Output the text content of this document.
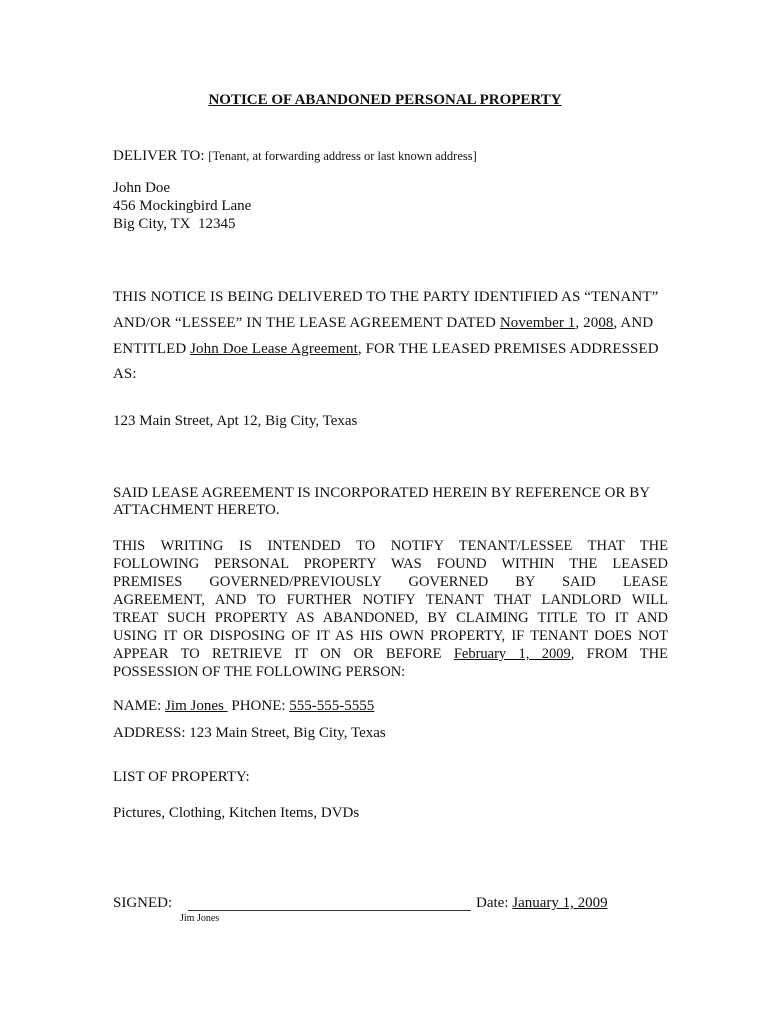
NOTICE OF ABANDONED PERSONAL PROPERTY
DELIVER TO: [Tenant, at forwarding address or last known address]
John Doe
456 Mockingbird Lane
Big City, TX  12345
THIS NOTICE IS BEING DELIVERED TO THE PARTY IDENTIFIED AS “TENANT”
AND/OR “LESSEE” IN THE LEASE AGREEMENT DATED November 1, 2008, AND
ENTITLED John Doe Lease Agreement, FOR THE LEASED PREMISES ADDRESSED
AS:
123 Main Street, Apt 12, Big City, Texas
SAID LEASE AGREEMENT IS INCORPORATED HEREIN BY REFERENCE OR BY
ATTACHMENT HERETO.
THIS WRITING IS INTENDED TO NOTIFY TENANT/LESSEE THAT THE
FOLLOWING PERSONAL PROPERTY WAS FOUND WITHIN THE LEASED
PREMISES GOVERNED/PREVIOUSLY GOVERNED BY SAID LEASE
AGREEMENT, AND TO FURTHER NOTIFY TENANT THAT LANDLORD WILL
TREAT SUCH PROPERTY AS ABANDONED, BY CLAIMING TITLE TO IT AND
USING IT OR DISPOSING OF IT AS HIS OWN PROPERTY, IF TENANT DOES NOT
APPEAR TO RETRIEVE IT ON OR BEFORE February 1, 2009, FROM THE
POSSESSION OF THE FOLLOWING PERSON:
NAME: Jim Jones  PHONE: 555-555-5555
ADDRESS: 123 Main Street, Big City, Texas
LIST OF PROPERTY:
Pictures, Clothing, Kitchen Items, DVDs
SIGNED:	Date: January 1, 2009
Jim Jones
